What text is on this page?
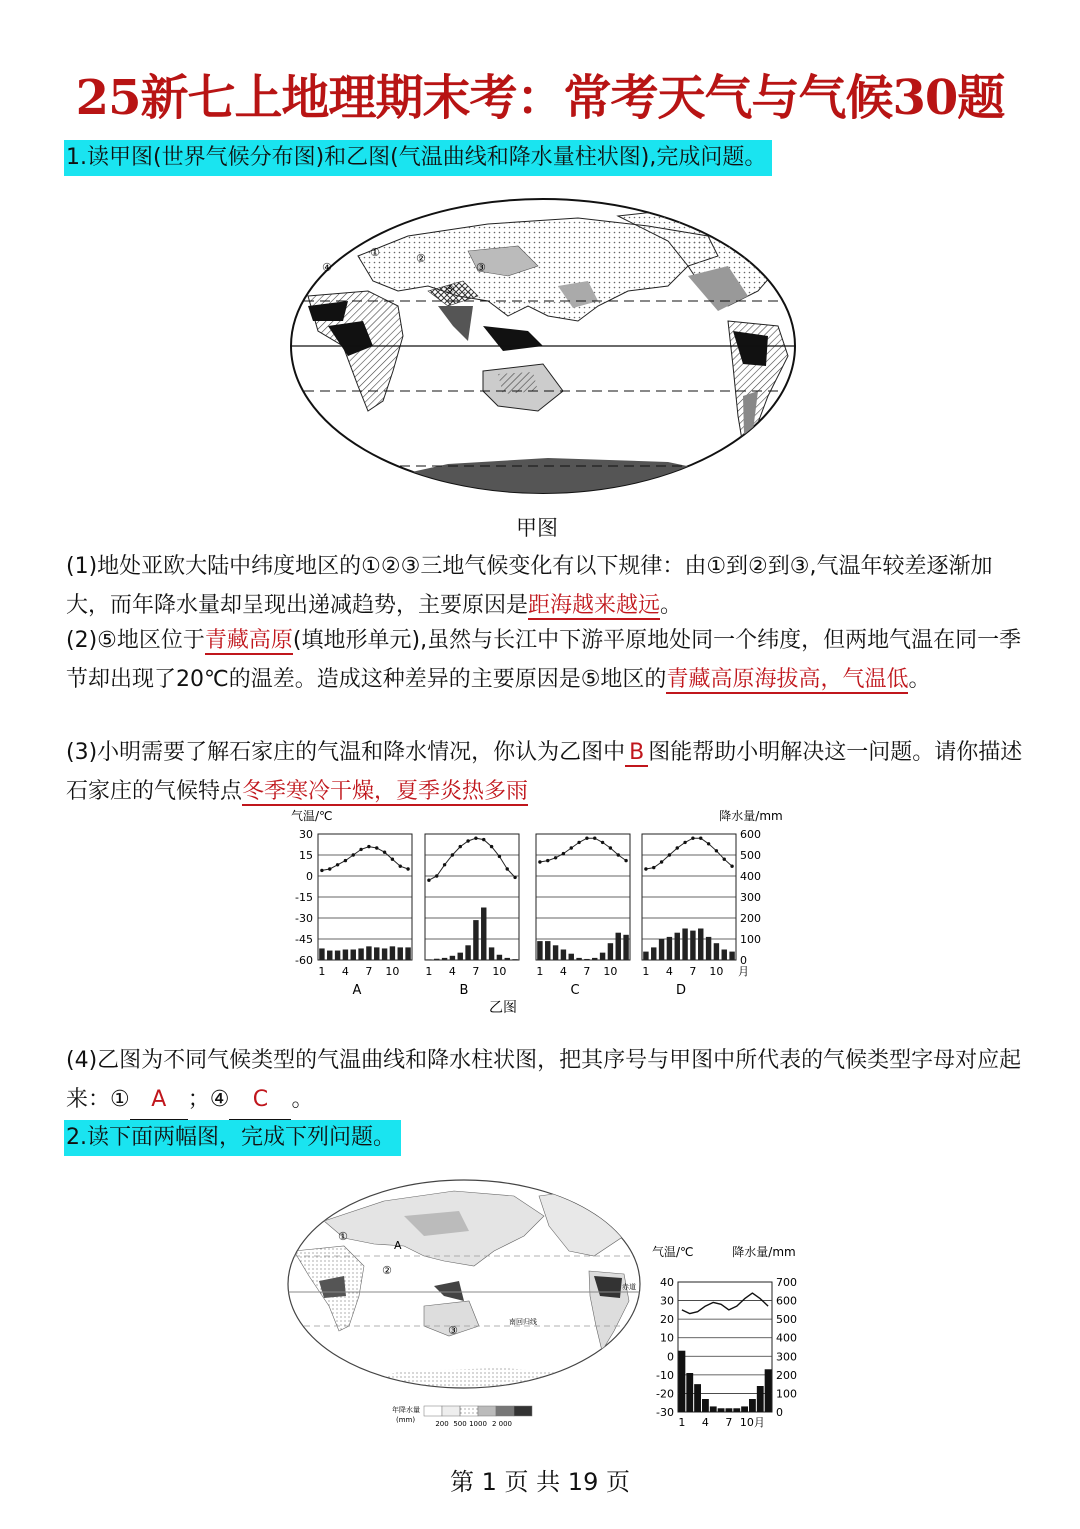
25新七上地理期末考：常考天气与气候30题
1.读甲图(世界气候分布图)和乙图(气温曲线和降水量柱状图),完成问题。
①	②
③
④
⑤
甲图
(1)地处亚欧大陆中纬度地区的①②③三地气候变化有以下规律：由①到②到③,气温年较差逐渐加大，而年降水量却呈现出递减趋势，主要原因是距海越来越远。
(2)⑤地区位于青藏高原(填地形单元),虽然与长江中下游平原地处同一个纬度，但两地气温在同一季节却出现了20℃的温差。造成这种差异的主要原因是⑤地区的青藏高原海拔高，气温低。
(3)小明需要了解石家庄的气温和降水情况，你认为乙图中 B 图能帮助小明解决这一问题。请你描述石家庄的气候特点冬季寒冷干燥，夏季炎热多雨
气温/℃	降水量/mm
30
15
0
-15
-30
-45
-60
600
500
400
300
200
100
0
1 4 7 10
A
1 4 7 10
B
1 4 7 10
C
1 4 7 10 月
D
乙图
(4)乙图为不同气候类型的气温曲线和降水柱状图，把其序号与甲图中所代表的气候类型字母对应起来：① A ；④ C 。
2.读下面两幅图，完成下列问题。
①
A
②
③
赤道
南回归线
年降水量
(mm)	200 500 1000 2 000
气温/℃	降水量/mm
40
30
20
10
0
-10
-20
-30
700
600
500
400
300
200
100
0
1 4 7 10月
第 1 页 共 19 页
